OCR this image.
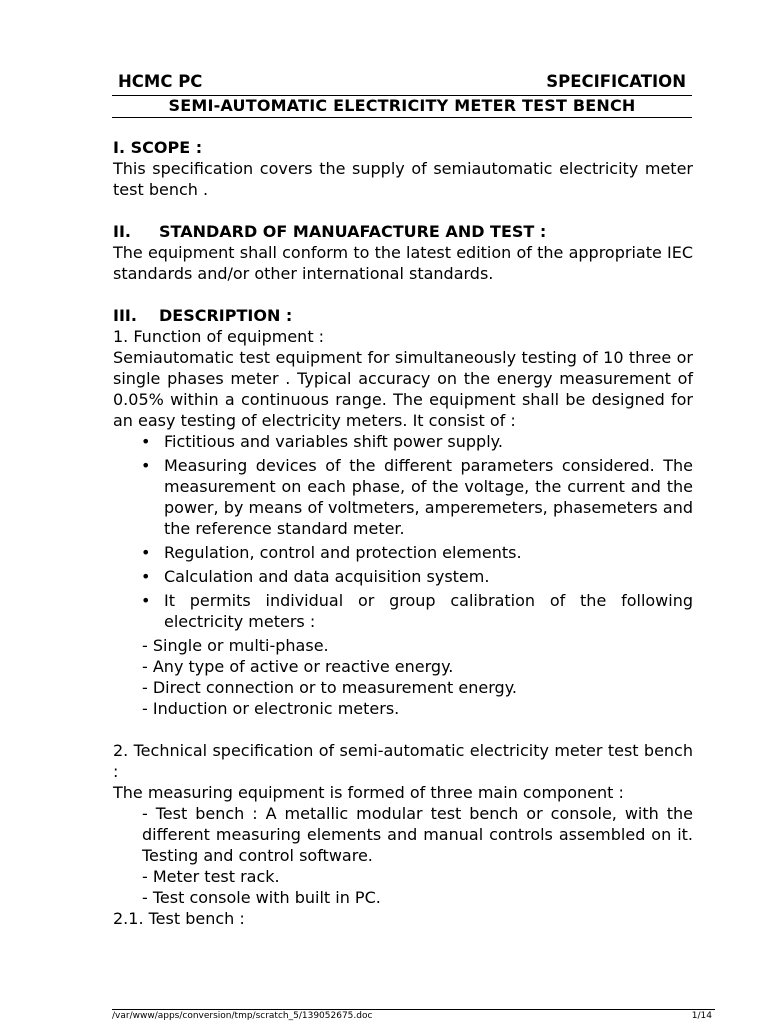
HCMC PC	SPECIFICATION
SEMI-AUTOMATIC ELECTRICITY METER TEST BENCH
I. SCOPE :
This specification covers the supply of semiautomatic electricity meter test bench .
II. STANDARD OF MANUAFACTURE AND TEST :
The equipment shall conform to the latest edition of the appropriate IEC standards and/or other international standards.
III. DESCRIPTION :
1. Function of equipment :
Semiautomatic test equipment for simultaneously testing of 10 three or single phases meter . Typical accuracy on the energy measurement of 0.05% within a continuous range. The equipment shall be designed for an easy testing of electricity meters. It consist of :
• Fictitious and variables shift power supply.
• Measuring devices of the different parameters considered. The measurement on each phase, of the voltage, the current and the power, by means of voltmeters, amperemeters, phasemeters and the reference standard meter.
• Regulation, control and protection elements.
• Calculation and data acquisition system.
• It permits individual or group calibration of the following electricity meters :
- Single or multi-phase.
- Any type of active or reactive energy.
- Direct connection or to measurement energy.
- Induction or electronic meters.
2. Technical specification of semi-automatic electricity meter test bench :
The measuring equipment is formed of three main component :
- Test bench : A metallic modular test bench or console, with the different measuring elements and manual controls assembled on it. Testing and control software.
- Meter test rack.
- Test console with built in PC.
2.1. Test bench :
/var/www/apps/conversion/tmp/scratch_5/139052675.doc	1/14
